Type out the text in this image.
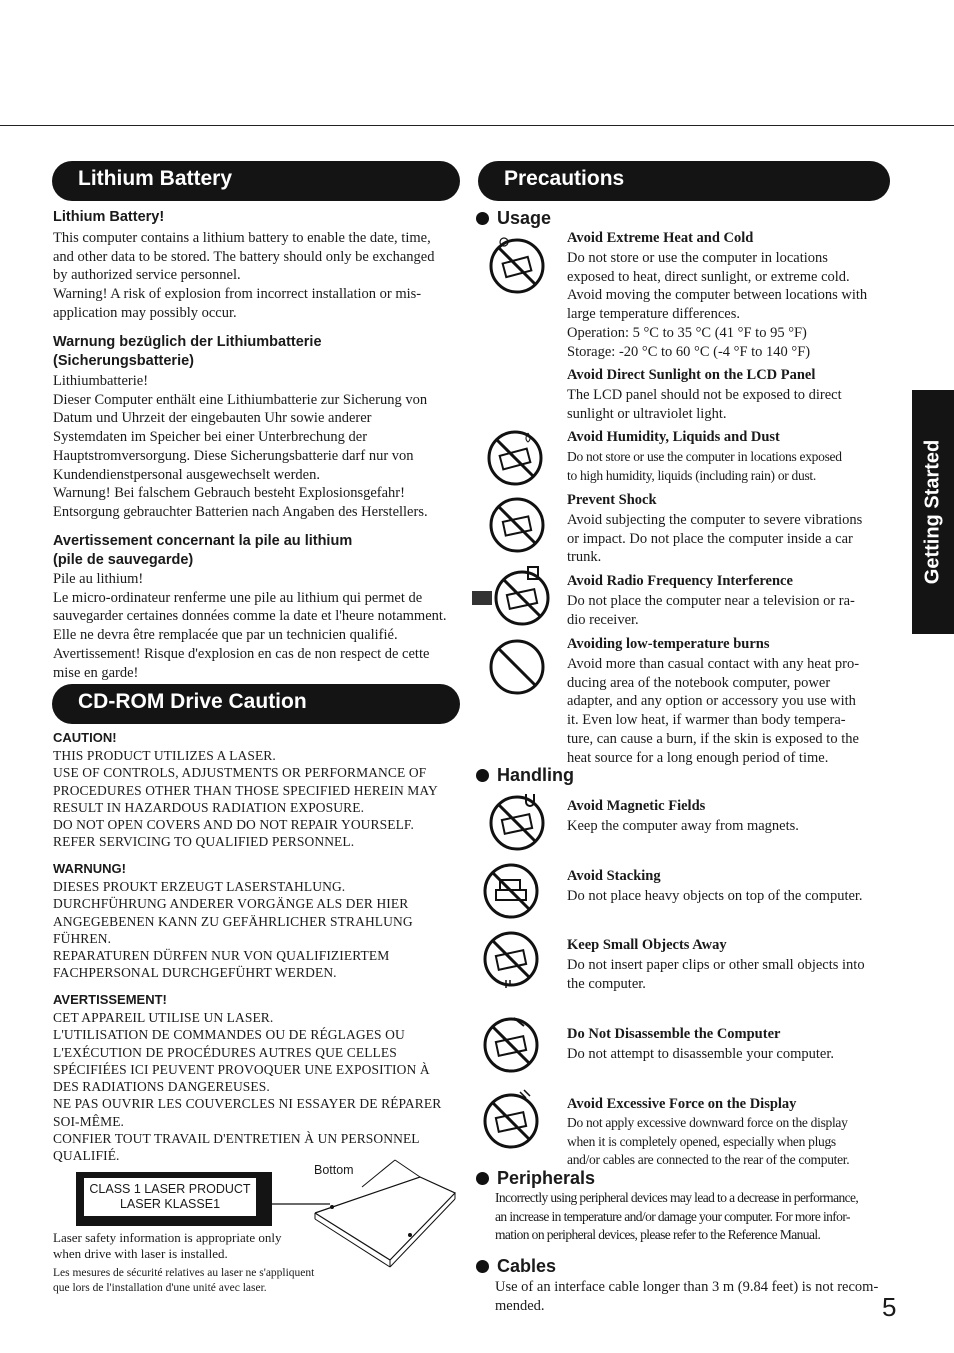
Lithium Battery
Lithium Battery!
This computer contains a lithium battery to enable the date, time,
and other data to be stored. The battery should only be exchanged
by authorized service personnel.
Warning! A risk of explosion from incorrect installation or mis-
application may possibly occur.
Warnung bezüglich der Lithiumbatterie
(Sicherungsbatterie)
Lithiumbatterie!
Dieser Computer enthält eine Lithiumbatterie zur Sicherung von
Datum und Uhrzeit der eingebauten Uhr sowie anderer
Systemdaten im Speicher bei einer Unterbrechung der
Hauptstromversorgung. Diese Sicherungsbatterie darf nur von
Kundendienstpersonal ausgewechselt werden.
Warnung! Bei falschem Gebrauch besteht Explosionsgefahr!
Entsorgung gebrauchter Batterien nach Angaben des Herstellers.
Avertissement concernant la pile au lithium
(pile de sauvegarde)
Pile au lithium!
Le micro-ordinateur renferme une pile au lithium qui permet de
sauvegarder certaines données comme la date et l'heure notamment.
Elle ne devra être remplacée que par un technicien qualifié.
Avertissement! Risque d'explosion en cas de non respect de cette
mise en garde!
CD-ROM Drive Caution
CAUTION!
THIS PRODUCT UTILIZES A LASER.
USE OF CONTROLS, ADJUSTMENTS OR PERFORMANCE OF
PROCEDURES OTHER THAN THOSE SPECIFIED HEREIN MAY
RESULT IN HAZARDOUS RADIATION EXPOSURE.
DO NOT OPEN COVERS AND DO NOT REPAIR YOURSELF.
REFER SERVICING TO QUALIFIED PERSONNEL.
WARNUNG!
DIESES PROUKT ERZEUGT LASERSTAHLUNG.
DURCHFÜHRUNG ANDERER VORGÄNGE ALS DER HIER
ANGEGEBENEN KANN ZU GEFÄHRLICHER STRAHLUNG
FÜHREN.
REPARATUREN DÜRFEN NUR VON QUALIFIZIERTEM
FACHPERSONAL DURCHGEFÜHRT WERDEN.
AVERTISSEMENT!
CET APPAREIL UTILISE UN LASER.
L'UTILISATION DE COMMANDES OU DE RÉGLAGES OU
L'EXÉCUTION DE PROCÉDURES AUTRES QUE CELLES
SPÉCIFIÉES ICI PEUVENT PROVOQUER UNE EXPOSITION À
DES RADIATIONS DANGEREUSES.
NE PAS OUVRIR LES COUVERCLES NI ESSAYER DE RÉPARER
SOI-MÊME.
CONFIER TOUT TRAVAIL D'ENTRETIEN À UN PERSONNEL
QUALIFIÉ.
CLASS 1 LASER PRODUCT
LASER KLASSE1
Bottom
Laser safety information is appropriate only
when drive with laser is installed.
Les mesures de sécurité relatives au laser ne s'appliquent
que lors de l'installation d'une unité avec laser.
Precautions
Usage
Avoid Extreme Heat and Cold
Do not store or use the computer in locations
exposed to heat, direct sunlight, or extreme cold.
Avoid moving the computer between locations with
large temperature differences.
Operation: 5 °C to 35 °C (41 °F to 95 °F)
Storage: -20 °C to 60 °C (-4 °F to 140 °F)
Avoid Direct Sunlight on the LCD Panel
The LCD panel should not be exposed to direct
sunlight or ultraviolet light.
Avoid Humidity, Liquids and Dust
Do not store or use the computer in locations exposed
to high humidity, liquids (including rain) or dust.
Prevent Shock
Avoid subjecting the computer to severe vibrations
or impact. Do not place the computer inside a car
trunk.
Avoid Radio Frequency Interference
Do not place the computer near a television or ra-
dio receiver.
Avoiding low-temperature burns
Avoid more than casual contact with any heat pro-
ducing area of the notebook computer, power
adapter, and any option or accessory you use with
it. Even low heat, if warmer than body tempera-
ture, can cause a burn, if the skin is exposed to the
heat source for a long enough period of time.
Handling
Avoid Magnetic Fields
Keep the computer away from magnets.
Avoid Stacking
Do not place heavy objects on top of the computer.
Keep Small Objects Away
Do not insert paper clips or other small objects into
the computer.
Do Not Disassemble the Computer
Do not attempt to disassemble your computer.
Avoid Excessive Force on the Display
Do not apply excessive downward force on the display
when it is completely opened, especially when plugs
and/or cables are connected to the rear of the computer.
Peripherals
Incorrectly using peripheral devices may lead to a decrease in performance,
an increase in temperature and/or damage your computer. For more infor-
mation on peripheral devices, please refer to the Reference Manual.
Cables
Use of an interface cable longer than 3 m (9.84 feet) is not recom-
mended.
Getting Started
5
